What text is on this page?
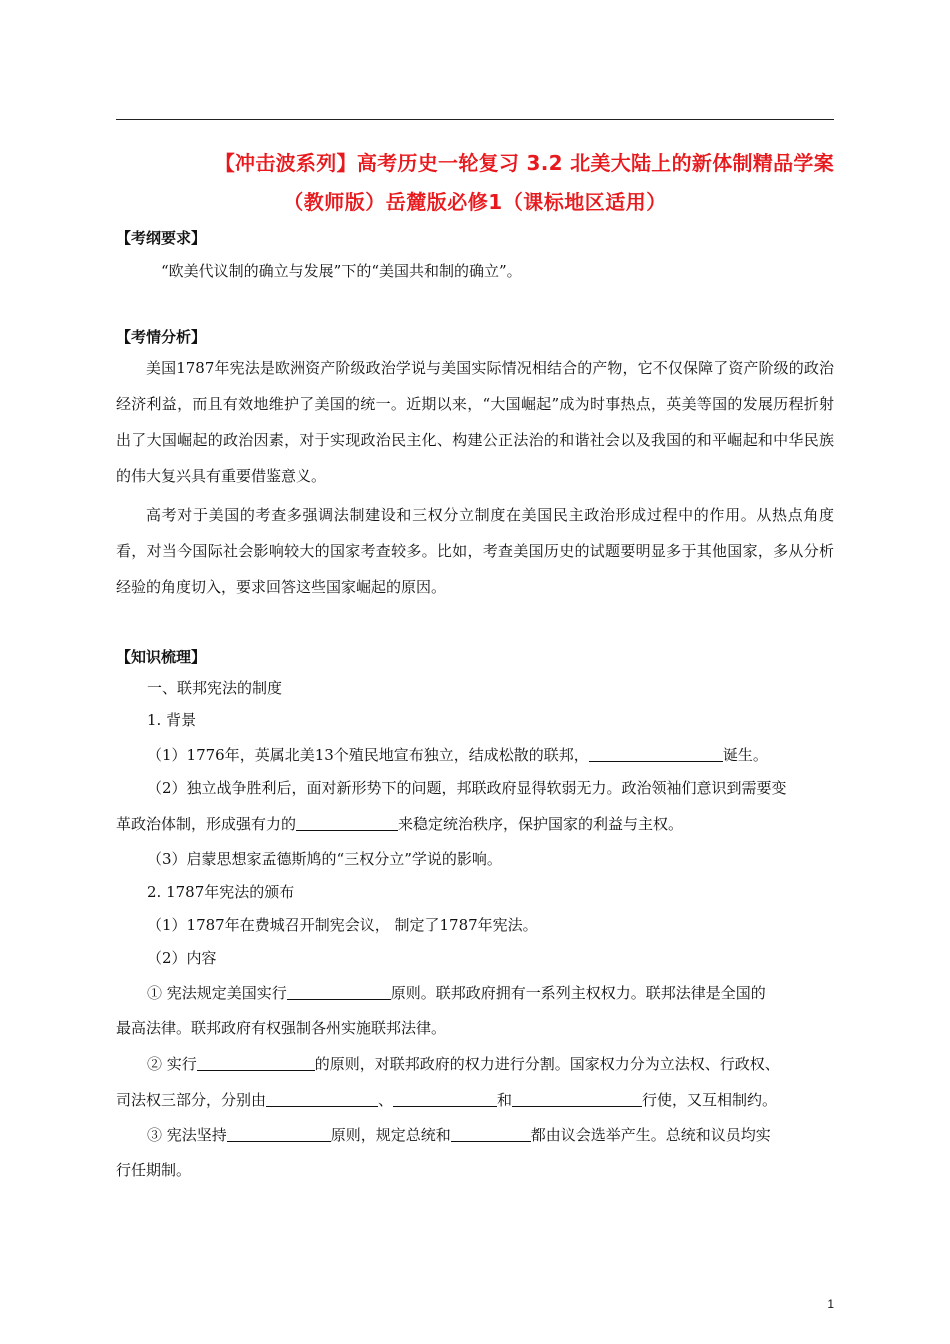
【冲击波系列】高考历史一轮复习 3.2 北美大陆上的新体制精品学案
（教师版）岳麓版必修1（课标地区适用）
【考纲要求】
“欧美代议制的确立与发展”下的“美国共和制的确立”。
【考情分析】

美国1787年宪法是欧洲资产阶级政治学说与美国实际情况相结合的产物，它不仅保障了资产阶级的政治经济利益，而且有效地维护了美国的统一。近期以来，“大国崛起”成为时事热点，英美等国的发展历程折射出了大国崛起的政治因素，对于实现政治民主化、构建公正法治的和谐社会以及我国的和平崛起和中华民族的伟大复兴具有重要借鉴意义。

高考对于美国的考查多强调法制建设和三权分立制度在美国民主政治形成过程中的作用。从热点角度看，对当今国际社会影响较大的国家考查较多。比如，考查美国历史的试题要明显多于其他国家，多从分析经验的角度切入，要求回答这些国家崛起的原因。

【知识梳理】
一、联邦宪法的制度
1. 背景
（1）1776年，英属北美13个殖民地宣布独立，结成松散的联邦，	诞生。
（2）独立战争胜利后，面对新形势下的问题，邦联政府显得软弱无力。政治领袖们意识到需要变
革政治体制，形成强有力的	来稳定统治秩序，保护国家的利益与主权。
（3）启蒙思想家孟德斯鸠的“三权分立”学说的影响。
2. 1787年宪法的颁布
（1）1787年在费城召开制宪会议， 制定了1787年宪法。
（2）内容
① 宪法规定美国实行	原则。联邦政府拥有一系列主权权力。联邦法律是全国的
最高法律。联邦政府有权强制各州实施联邦法律。
② 实行	的原则，对联邦政府的权力进行分割。国家权力分为立法权、行政权、
司法权三部分，分别由	、	和	行使，又互相制约。
③ 宪法坚持	原则，规定总统和	都由议会选举产生。总统和议员均实
行任期制。
1
